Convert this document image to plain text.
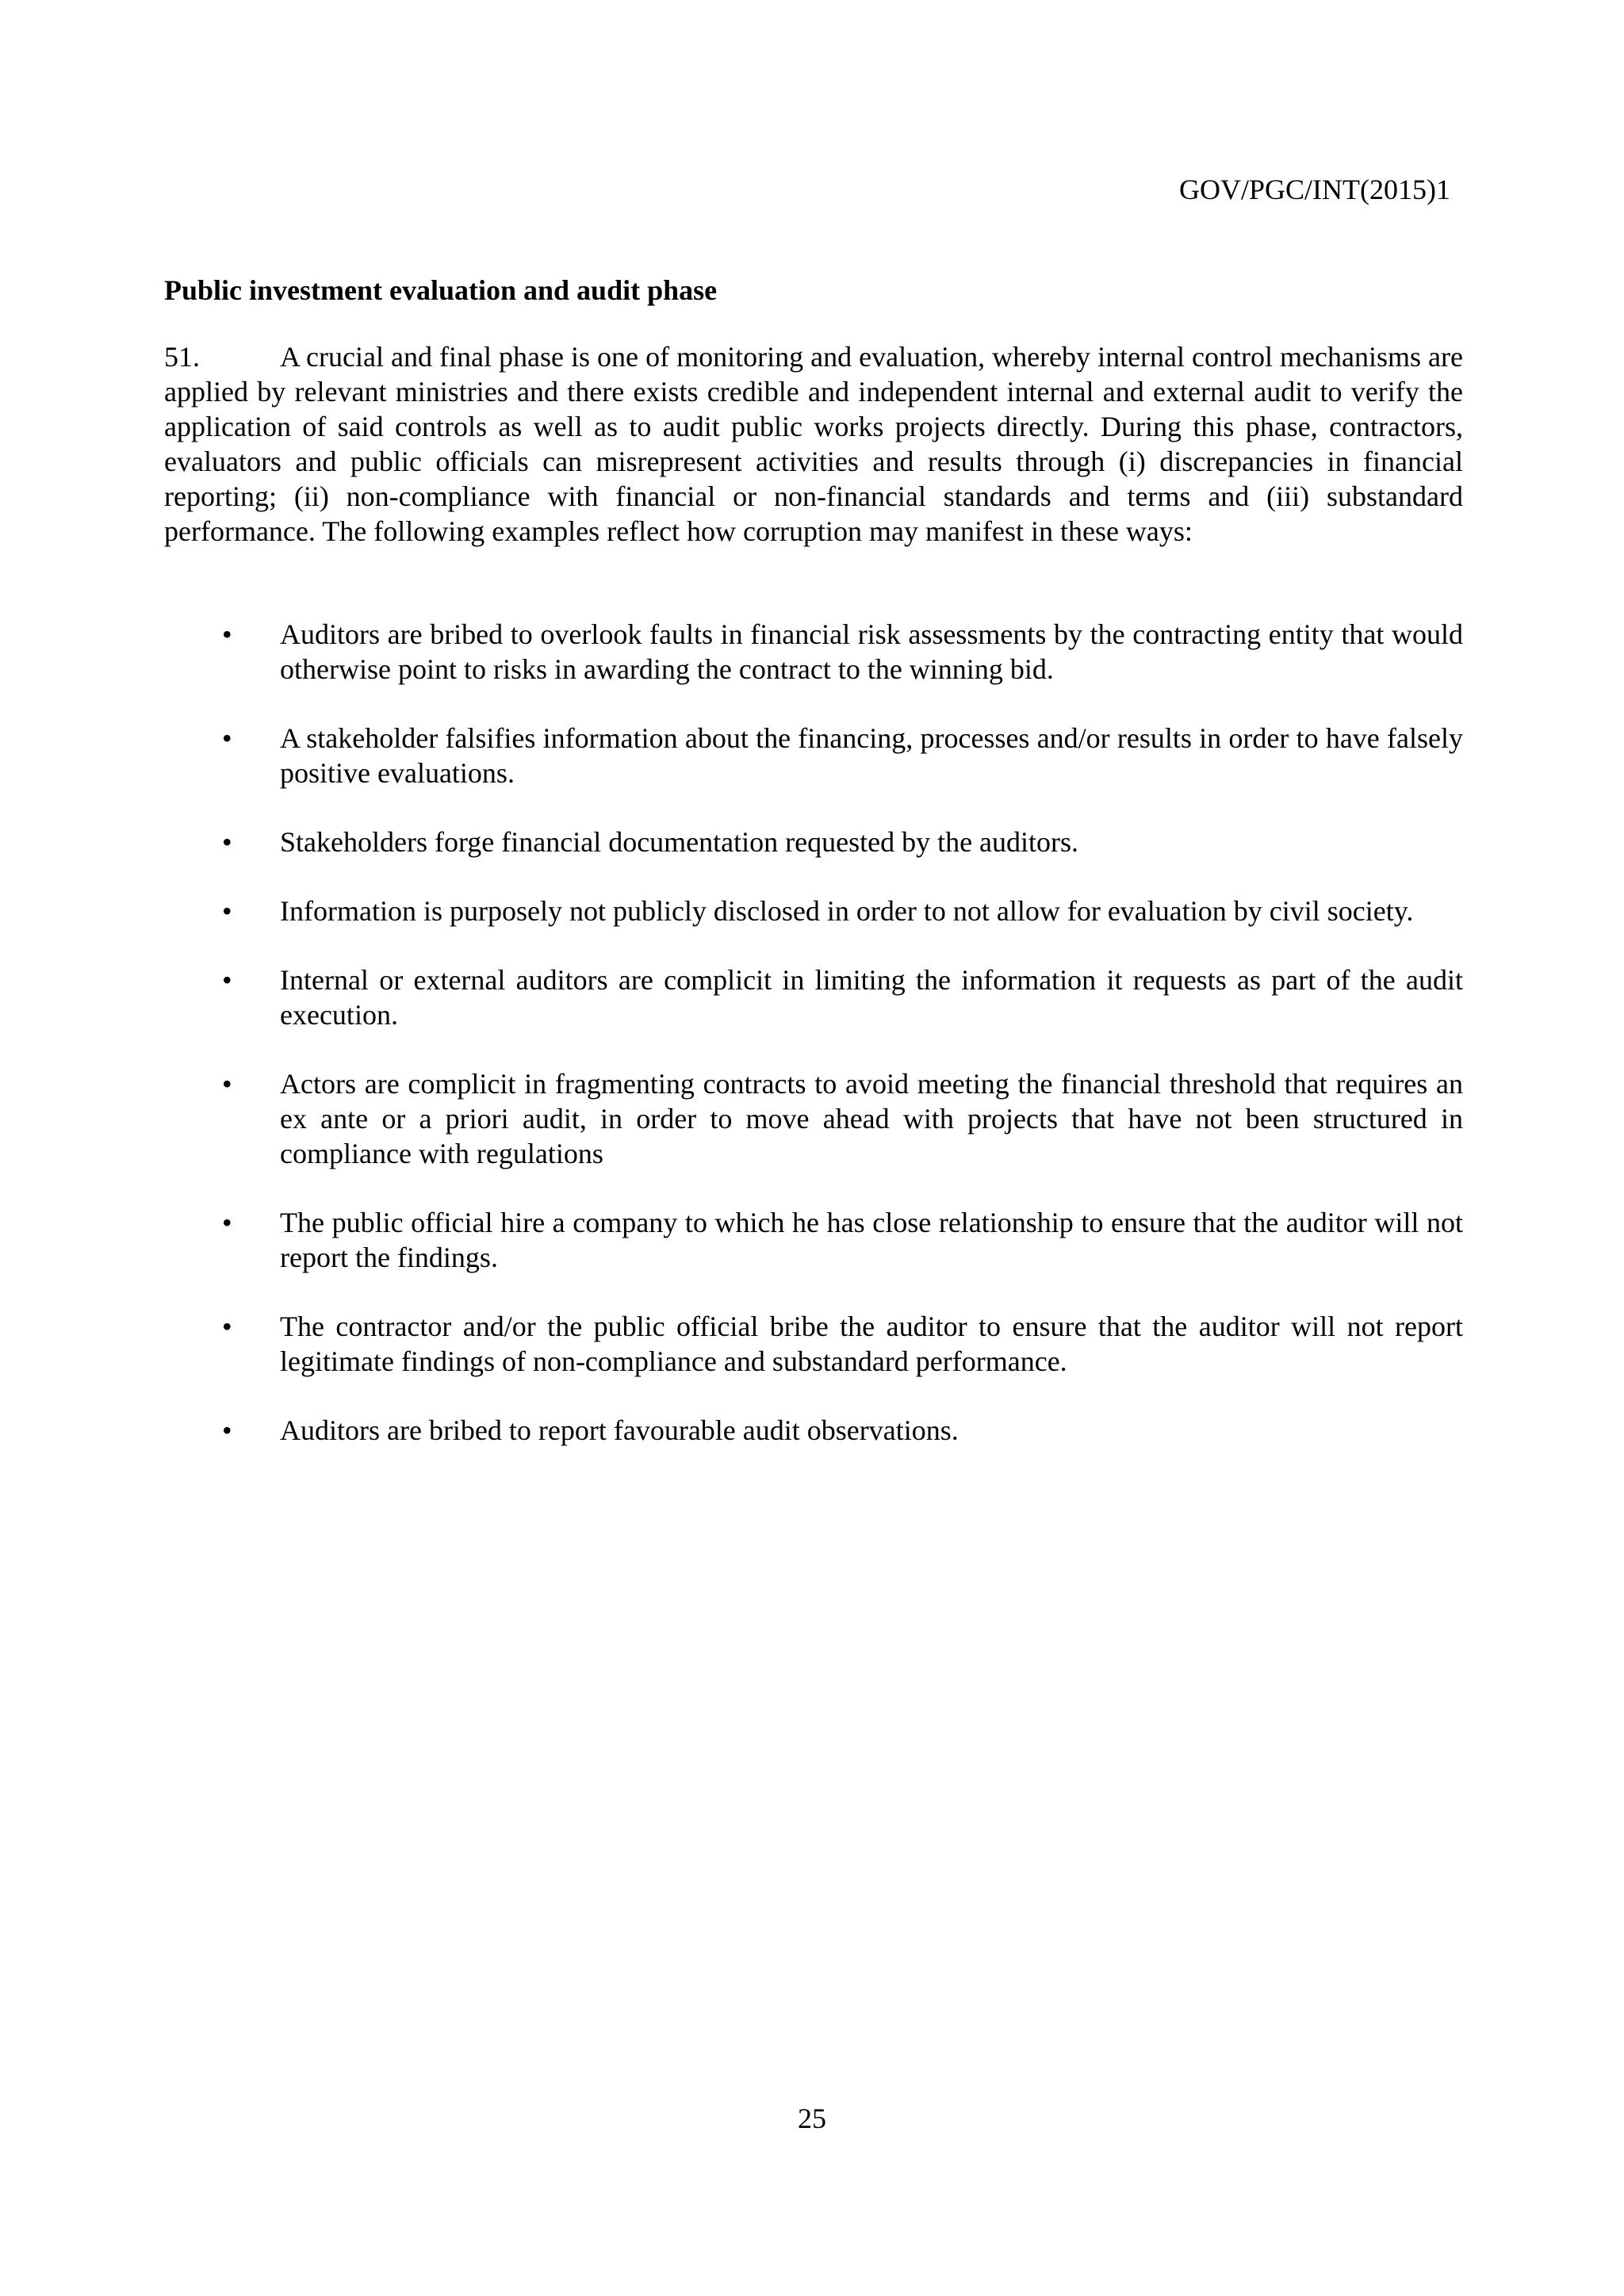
GOV/PGC/INT(2015)1
Public investment evaluation and audit phase
51.	A crucial and final phase is one of monitoring and evaluation, whereby internal control mechanisms are applied by relevant ministries and there exists credible and independent internal and external audit to verify the application of said controls as well as to audit public works projects directly. During this phase, contractors, evaluators and public officials can misrepresent activities and results through (i) discrepancies in financial reporting; (ii) non-compliance with financial or non-financial standards and terms and (iii) substandard performance. The following examples reflect how corruption may manifest in these ways:
•	Auditors are bribed to overlook faults in financial risk assessments by the contracting entity that would otherwise point to risks in awarding the contract to the winning bid.
•	A stakeholder falsifies information about the financing, processes and/or results in order to have falsely positive evaluations.
•	Stakeholders forge financial documentation requested by the auditors.
•	Information is purposely not publicly disclosed in order to not allow for evaluation by civil society.
•	Internal or external auditors are complicit in limiting the information it requests as part of the audit execution.
•	Actors are complicit in fragmenting contracts to avoid meeting the financial threshold that requires an ex ante or a priori audit, in order to move ahead with projects that have not been structured in compliance with regulations
•	The public official hire a company to which he has close relationship to ensure that the auditor will not report the findings.
•	The contractor and/or the public official bribe the auditor to ensure that the auditor will not report legitimate findings of non-compliance and substandard performance.
•	Auditors are bribed to report favourable audit observations.
25
